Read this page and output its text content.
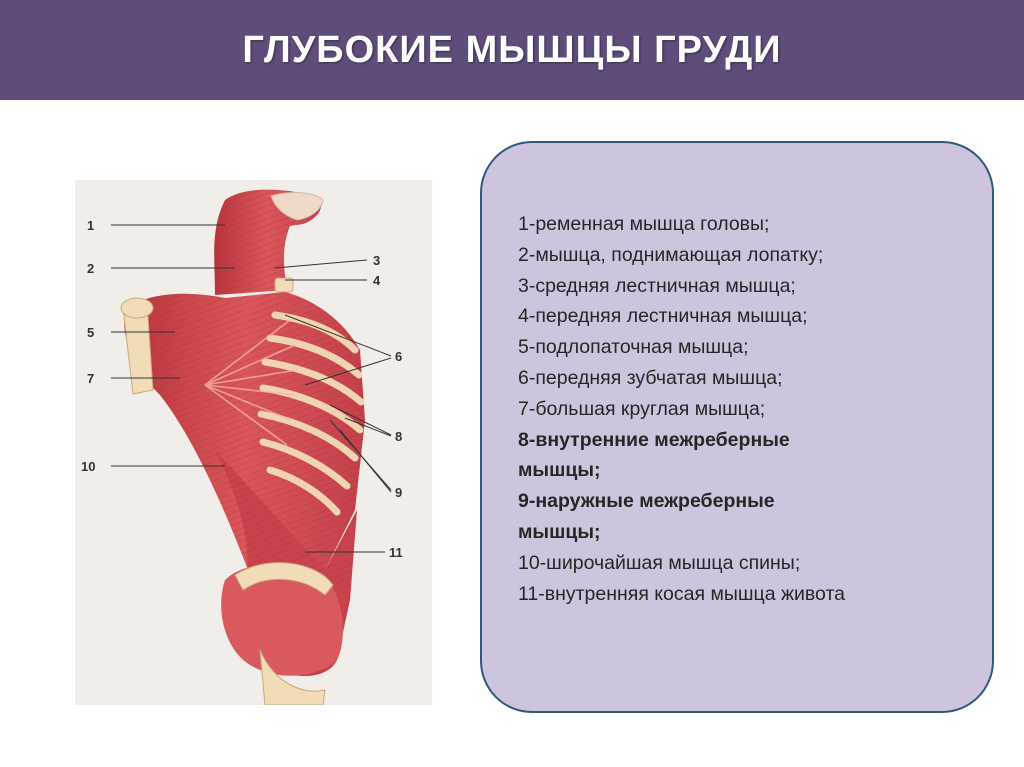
ГЛУБОКИЕ МЫШЦЫ ГРУДИ
1
2
3
4
5
6
7
8
9
10
11
1-ременная мышца головы;
2-мышца, поднимающая лопатку;
3-средняя лестничная мышца;
4-передняя лестничная мышца;
5-подлопаточная мышца;
6-передняя зубчатая мышца;
7-большая круглая мышца;
8-внутренние межреберные
мышцы;
9-наружные межреберные
мышцы;
10-широчайшая мышца спины;
11-внутренняя косая мышца живота
